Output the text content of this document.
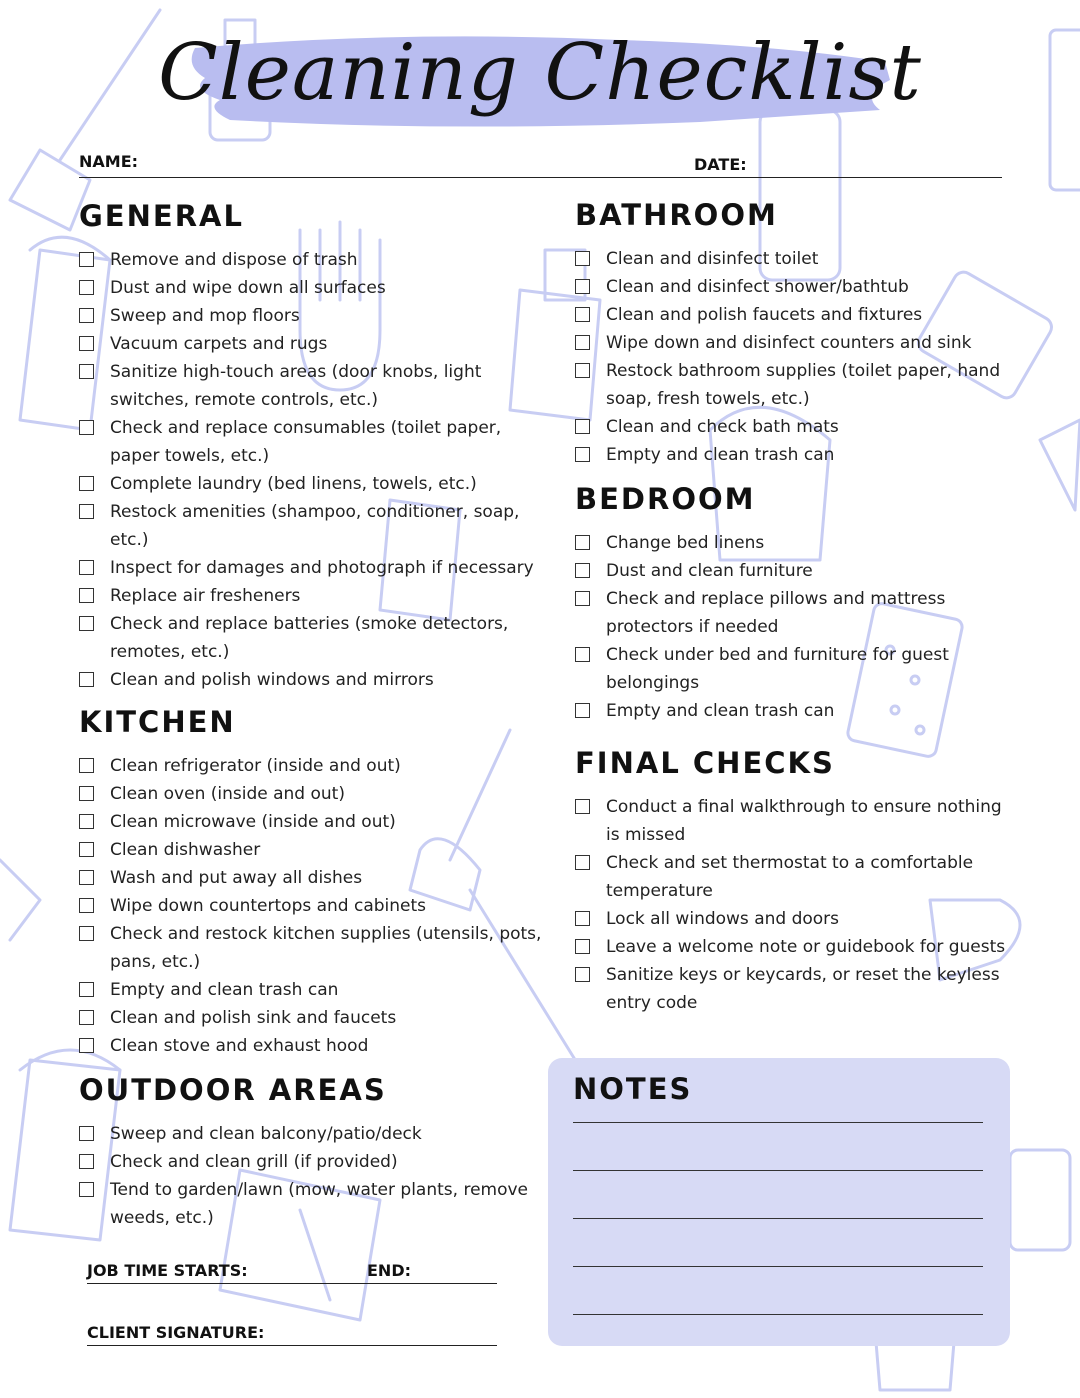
Cleaning Checklist
NAME:	DATE:
GENERAL
Remove and dispose of trash
Dust and wipe down all surfaces
Sweep and mop floors
Vacuum carpets and rugs
Sanitize high-touch areas (door knobs, light switches, remote controls, etc.)
Check and replace consumables (toilet paper, paper towels, etc.)
Complete laundry (bed linens, towels, etc.)
Restock amenities (shampoo, conditioner, soap, etc.)
Inspect for damages and photograph if necessary
Replace air fresheners
Check and replace batteries (smoke detectors, remotes, etc.)
Clean and polish windows and mirrors
KITCHEN
Clean refrigerator (inside and out)
Clean oven (inside and out)
Clean microwave (inside and out)
Clean dishwasher
Wash and put away all dishes
Wipe down countertops and cabinets
Check and restock kitchen supplies (utensils, pots, pans, etc.)
Empty and clean trash can
Clean and polish sink and faucets
Clean stove and exhaust hood
OUTDOOR AREAS
Sweep and clean balcony/patio/deck
Check and clean grill (if provided)
Tend to garden/lawn (mow, water plants, remove weeds, etc.)
JOB TIME STARTS:	END:
CLIENT SIGNATURE:
BATHROOM
Clean and disinfect toilet
Clean and disinfect shower/bathtub
Clean and polish faucets and fixtures
Wipe down and disinfect counters and sink
Restock bathroom supplies (toilet paper, hand soap, fresh towels, etc.)
Clean and check bath mats
Empty and clean trash can
BEDROOM
Change bed linens
Dust and clean furniture
Check and replace pillows and mattress protectors if needed
Check under bed and furniture for guest belongings
Empty and clean trash can
FINAL CHECKS
Conduct a final walkthrough to ensure nothing is missed
Check and set thermostat to a comfortable temperature
Lock all windows and doors
Leave a welcome note or guidebook for guests
Sanitize keys or keycards, or reset the keyless entry code
NOTES
